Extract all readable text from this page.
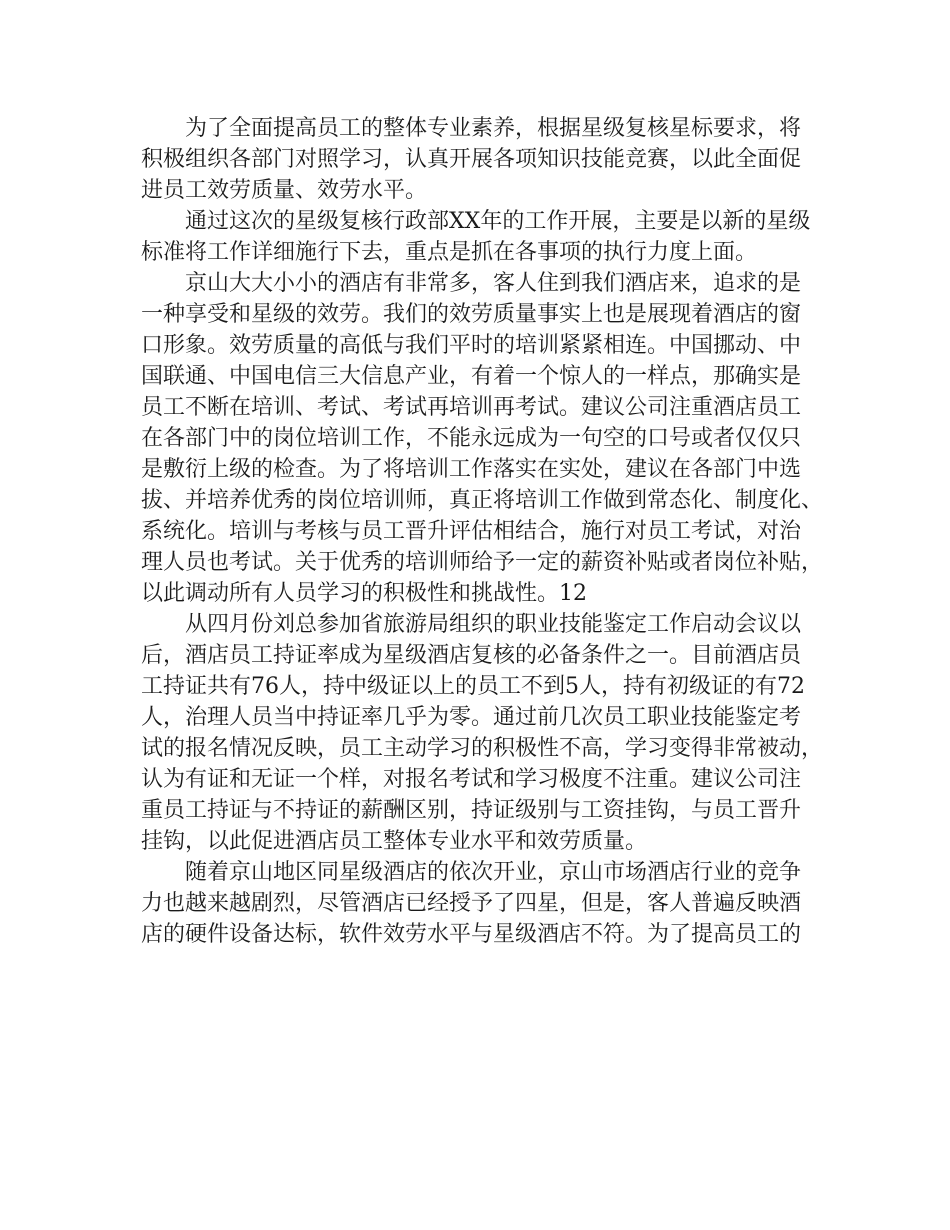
为了全面提高员工的整体专业素养，根据星级复核星标要求，将
积极组织各部门对照学习，认真开展各项知识技能竞赛，以此全面促
进员工效劳质量、效劳水平。
通过这次的星级复核行政部XX年的工作开展，主要是以新的星级
标准将工作详细施行下去，重点是抓在各事项的执行力度上面。
京山大大小小的酒店有非常多，客人住到我们酒店来，追求的是
一种享受和星级的效劳。我们的效劳质量事实上也是展现着酒店的窗
口形象。效劳质量的高低与我们平时的培训紧紧相连。中国挪动、中
国联通、中国电信三大信息产业，有着一个惊人的一样点，那确实是
员工不断在培训、考试、考试再培训再考试。建议公司注重酒店员工
在各部门中的岗位培训工作，不能永远成为一句空的口号或者仅仅只
是敷衍上级的检查。为了将培训工作落实在实处，建议在各部门中选
拔、并培养优秀的岗位培训师，真正将培训工作做到常态化、制度化、
系统化。培训与考核与员工晋升评估相结合，施行对员工考试，对治
理人员也考试。关于优秀的培训师给予一定的薪资补贴或者岗位补贴，
以此调动所有人员学习的积极性和挑战性。12
从四月份刘总参加省旅游局组织的职业技能鉴定工作启动会议以
后，酒店员工持证率成为星级酒店复核的必备条件之一。目前酒店员
工持证共有76人，持中级证以上的员工不到5人，持有初级证的有72
人，治理人员当中持证率几乎为零。通过前几次员工职业技能鉴定考
试的报名情况反映，员工主动学习的积极性不高，学习变得非常被动，
认为有证和无证一个样，对报名考试和学习极度不注重。建议公司注
重员工持证与不持证的薪酬区别，持证级别与工资挂钩，与员工晋升
挂钩，以此促进酒店员工整体专业水平和效劳质量。
随着京山地区同星级酒店的依次开业，京山市场酒店行业的竞争
力也越来越剧烈，尽管酒店已经授予了四星，但是，客人普遍反映酒
店的硬件设备达标，软件效劳水平与星级酒店不符。为了提高员工的
